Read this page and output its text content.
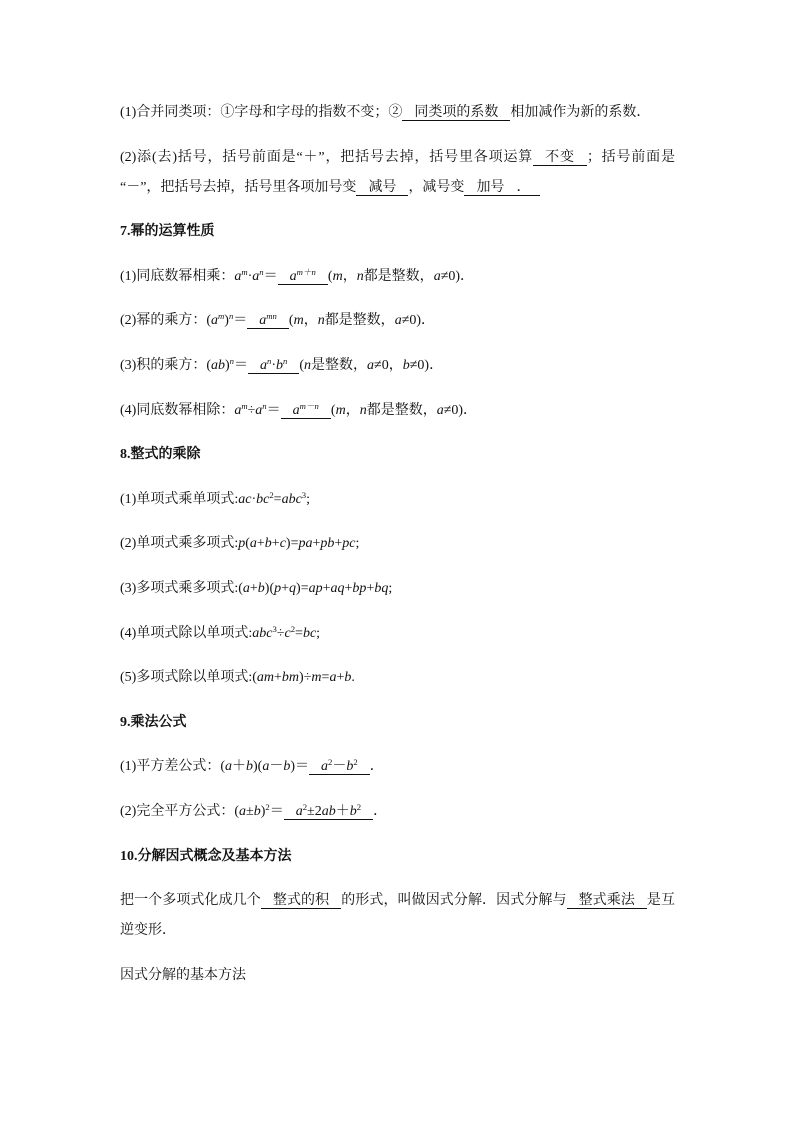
(1)合并同类项：①字母和字母的指数不变；② 同类项的系数 相加减作为新的系数．
(2)添(去)括号，括号前面是“＋”，把括号去掉，括号里各项运算 不变 ；括号前面是
“－”，把括号去掉，括号里各项加号变 减号 ，减号变 加号 ．
7.幂的运算性质
(1)同底数幂相乘：$a^m\cdot a^n= a^{m+n}$ (m，n都是整数，a≠0)．
(2)幂的乘方：$(a^m)^n= a^{mn}$ (m，n都是整数，a≠0)．
(3)积的乘方：$(ab)^n= a^n\cdot b^n$ (n是整数，a≠0，b≠0)．
(4)同底数幂相除：$a^m\div a^n= a^{m-n}$ (m，n都是整数，a≠0)．
8.整式的乘除
(1)单项式乘单项式$:ac\cdot bc^2=abc^3$;
(2)单项式乘多项式:p(a+b+c)=pa+pb+pc;
(3)多项式乘多项式:(a+b)(p+q)=ap+aq+bp+bq;
(4)单项式除以单项式$:abc^3\div c^2=bc$;
(5)多项式除以单项式:(am+bm)÷m=a+b.
9.乘法公式
(1)平方差公式：$(a+b)(a-b)= a^2-b^2$ ．
(2)完全平方公式：$(a\pm b)^2= a^2\pm 2ab+b^2$ ．
10.分解因式概念及基本方法
把一个多项式化成几个 整式的积 的形式，叫做因式分解．因式分解与 整式乘法 是互
逆变形．
因式分解的基本方法
